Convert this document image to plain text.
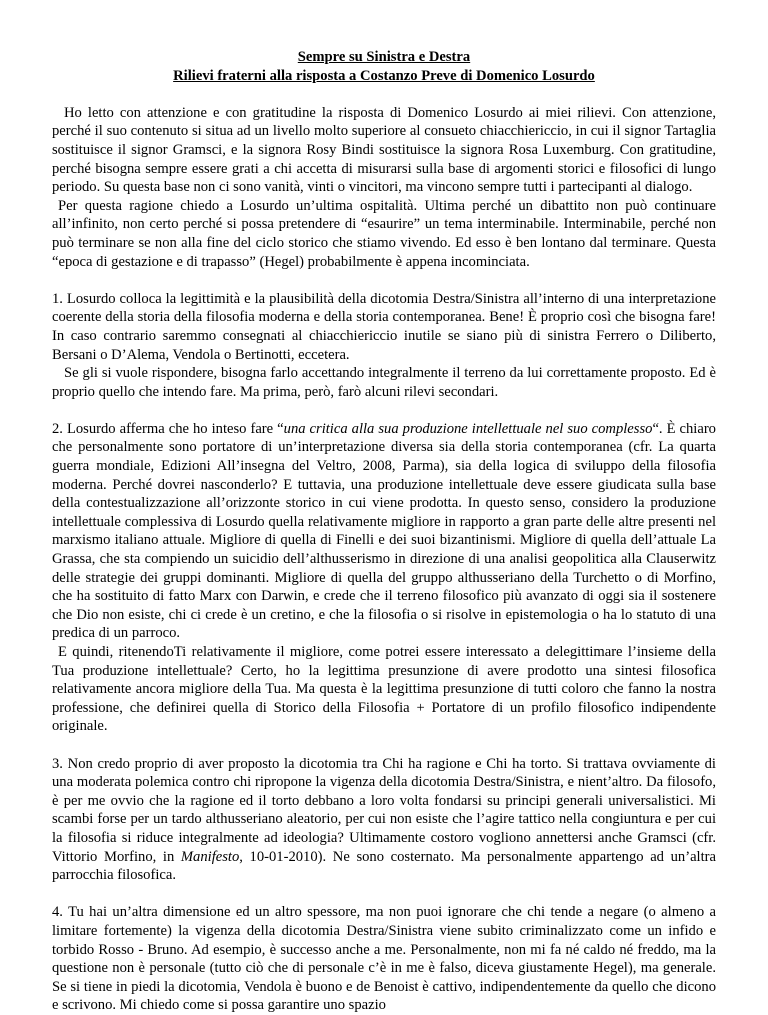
Sempre su Sinistra e Destra
Rilievi fraterni alla risposta a Costanzo Preve di Domenico Losurdo

Ho letto con attenzione e con gratitudine la risposta di Domenico Losurdo ai miei rilievi. Con attenzione, perché il suo contenuto si situa ad un livello molto superiore al consueto chiacchiericcio, in cui il signor Tartaglia sostituisce il signor Gramsci, e la signora Rosy Bindi sostituisce la signora Rosa Luxemburg. Con gratitudine, perché bisogna sempre essere grati a chi accetta di misurarsi sulla base di argomenti storici e filosofici di lungo periodo. Su questa base non ci sono vanità, vinti o vincitori, ma vincono sempre tutti i partecipanti al dialogo.

Per questa ragione chiedo a Losurdo un’ultima ospitalità. Ultima perché un dibattito non può continuare all’infinito, non certo perché si possa pretendere di “esaurire” un tema interminabile. Interminabile, perché non può terminare se non alla fine del ciclo storico che stiamo vivendo. Ed esso è ben lontano dal terminare. Questa “epoca di gestazione e di trapasso” (Hegel) probabilmente è appena incominciata.

1. Losurdo colloca la legittimità e la plausibilità della dicotomia Destra/Sinistra all’interno di una interpretazione coerente della storia della filosofia moderna e della storia contemporanea. Bene! È proprio così che bisogna fare! In caso contrario saremmo consegnati al chiacchiericcio inutile se siano più di sinistra Ferrero o Diliberto, Bersani o D’Alema, Vendola o Bertinotti, eccetera.

Se gli si vuole rispondere, bisogna farlo accettando integralmente il terreno da lui correttamente proposto. Ed è proprio quello che intendo fare. Ma prima, però, farò alcuni rilevi secondari.

2. Losurdo afferma che ho inteso fare “una critica alla sua produzione intellettuale nel suo complesso“. È chiaro che personalmente sono portatore di un’interpretazione diversa sia della storia contemporanea (cfr. La quarta guerra mondiale, Edizioni All’insegna del Veltro, 2008, Parma), sia della logica di sviluppo della filosofia moderna. Perché dovrei nasconderlo? E tuttavia, una produzione intellettuale deve essere giudicata sulla base della contestualizzazione all’orizzonte storico in cui viene prodotta. In questo senso, considero la produzione intellettuale complessiva di Losurdo quella relativamente migliore in rapporto a gran parte delle altre presenti nel marxismo italiano attuale. Migliore di quella di Finelli e dei suoi bizantinismi. Migliore di quella dell’attuale La Grassa, che sta compiendo un suicidio dell’althusserismo in direzione di una analisi geopolitica alla Clauserwitz delle strategie dei gruppi dominanti. Migliore di quella del gruppo althusseriano della Turchetto o di Morfino, che ha sostituito di fatto Marx con Darwin, e crede che il terreno filosofico più avanzato di oggi sia il sostenere che Dio non esiste, chi ci crede è un cretino, e che la filosofia o si risolve in epistemologia o ha lo statuto di una predica di un parroco.

E quindi, ritenendoTi relativamente il migliore, come potrei essere interessato a delegittimare l’insieme della Tua produzione intellettuale? Certo, ho la legittima presunzione di avere prodotto una sintesi filosofica relativamente ancora migliore della Tua. Ma questa è la legittima presunzione di tutti coloro che fanno la nostra professione, che definirei quella di Storico della Filosofia + Portatore di un profilo filosofico indipendente originale.

3. Non credo proprio di aver proposto la dicotomia tra Chi ha ragione e Chi ha torto. Si trattava ovviamente di una moderata polemica contro chi ripropone la vigenza della dicotomia Destra/Sinistra, e nient’altro. Da filosofo, è per me ovvio che la ragione ed il torto debbano a loro volta fondarsi su principi generali universalistici. Mi scambi forse per un tardo althusseriano aleatorio, per cui non esiste che l’agire tattico nella congiuntura e per cui la filosofia si riduce integralmente ad ideologia? Ultimamente costoro vogliono annettersi anche Gramsci (cfr. Vittorio Morfino, in Manifesto, 10-01-2010). Ne sono costernato. Ma personalmente appartengo ad un’altra parrocchia filosofica.

4. Tu hai un’altra dimensione ed un altro spessore, ma non puoi ignorare che chi tende a negare (o almeno a limitare fortemente) la vigenza della dicotomia Destra/Sinistra viene subito criminalizzato come un infido e torbido Rosso - Bruno. Ad esempio, è successo anche a me. Personalmente, non mi fa né caldo né freddo, ma la questione non è personale (tutto ciò che di personale c’è in me è falso, diceva giustamente Hegel), ma generale. Se si tiene in piedi la dicotomia, Vendola è buono e de Benoist è cattivo, indipendentemente da quello che dicono e scrivono. Mi chiedo come si possa garantire uno spazio
